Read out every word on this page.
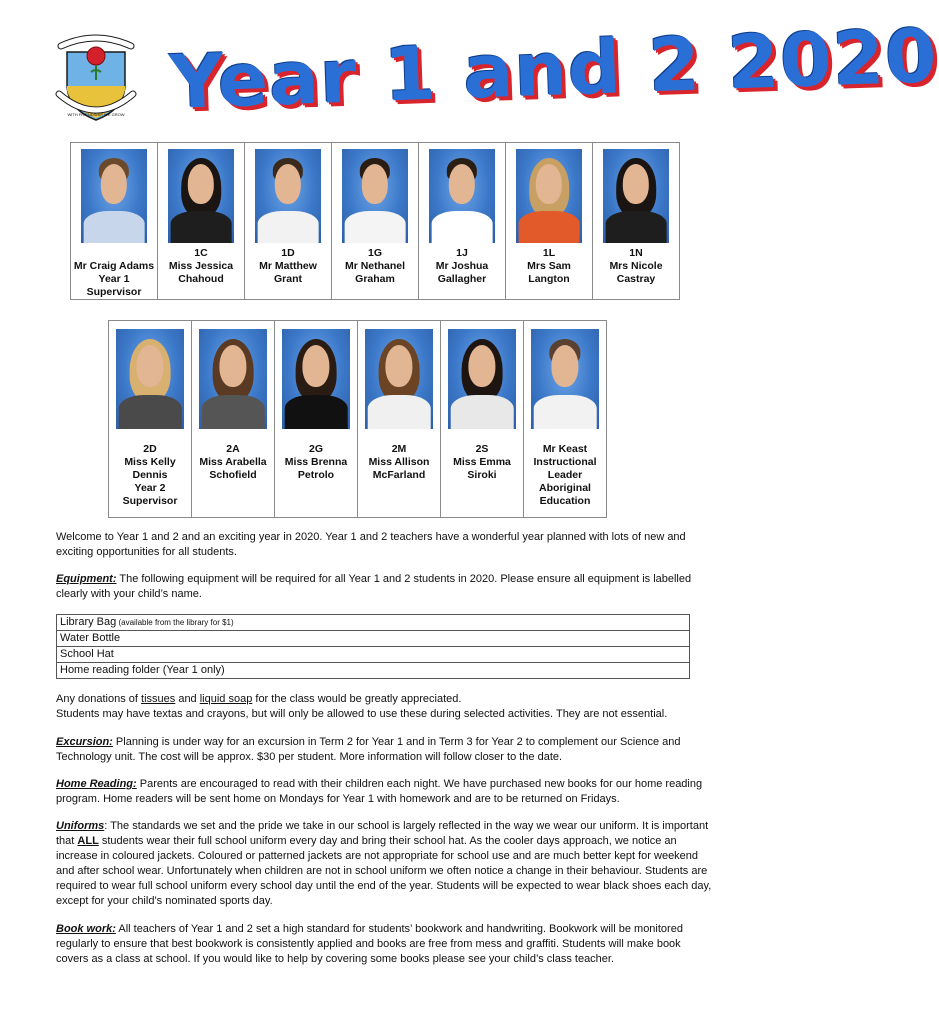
WITH FRIENDSHIP WE GROW Year 1 and 2 2020
Mr Craig Adams
Year 1 Supervisor

1C
Miss Jessica
Chahoud

1D
Mr Matthew
Grant

1G
Mr Nethanel
Graham

1J
Mr Joshua
Gallagher

1L
Mrs Sam
Langton

1N
Mrs Nicole
Castray

2D
Miss Kelly
Dennis
Year 2
Supervisor

2A
Miss Arabella
Schofield

2G
Miss Brenna
Petrolo

2M
Miss Allison
McFarland

2S
Miss Emma
Siroki

Mr Keast
Instructional
Leader Aboriginal
Education

Welcome to Year 1 and 2 and an exciting year in 2020. Year 1 and 2 teachers have a wonderful year planned with lots of new and exciting opportunities for all students.
Equipment: The following equipment will be required for all Year 1 and 2 students in 2020. Please ensure all equipment is labelled clearly with your child’s name.
Library Bag (available from the library for $1)
Water Bottle
School Hat
Home reading folder (Year 1 only)
Any donations of tissues and liquid soap for the class would be greatly appreciated.
Students may have textas and crayons, but will only be allowed to use these during selected activities. They are not essential.
Excursion: Planning is under way for an excursion in Term 2 for Year 1 and in Term 3 for Year 2 to complement our Science and Technology unit. The cost will be approx. $30 per student. More information will follow closer to the date.
Home Reading: Parents are encouraged to read with their children each night. We have purchased new books for our home reading program. Home readers will be sent home on Mondays for Year 1 with homework and are to be returned on Fridays.
Uniforms: The standards we set and the pride we take in our school is largely reflected in the way we wear our uniform. It is important that ALL students wear their full school uniform every day and bring their school hat. As the cooler days approach, we notice an increase in coloured jackets. Coloured or patterned jackets are not appropriate for school use and are much better kept for weekend and after school wear. Unfortunately when children are not in school uniform we often notice a change in their behaviour. Students are required to wear full school uniform every school day until the end of the year. Students will be expected to wear black shoes each day, except for your child’s nominated sports day.
Book work: All teachers of Year 1 and 2 set a high standard for students’ bookwork and handwriting. Bookwork will be monitored regularly to ensure that best bookwork is consistently applied and books are free from mess and graffiti. Students will make book covers as a class at school. If you would like to help by covering some books please see your child’s class teacher.
